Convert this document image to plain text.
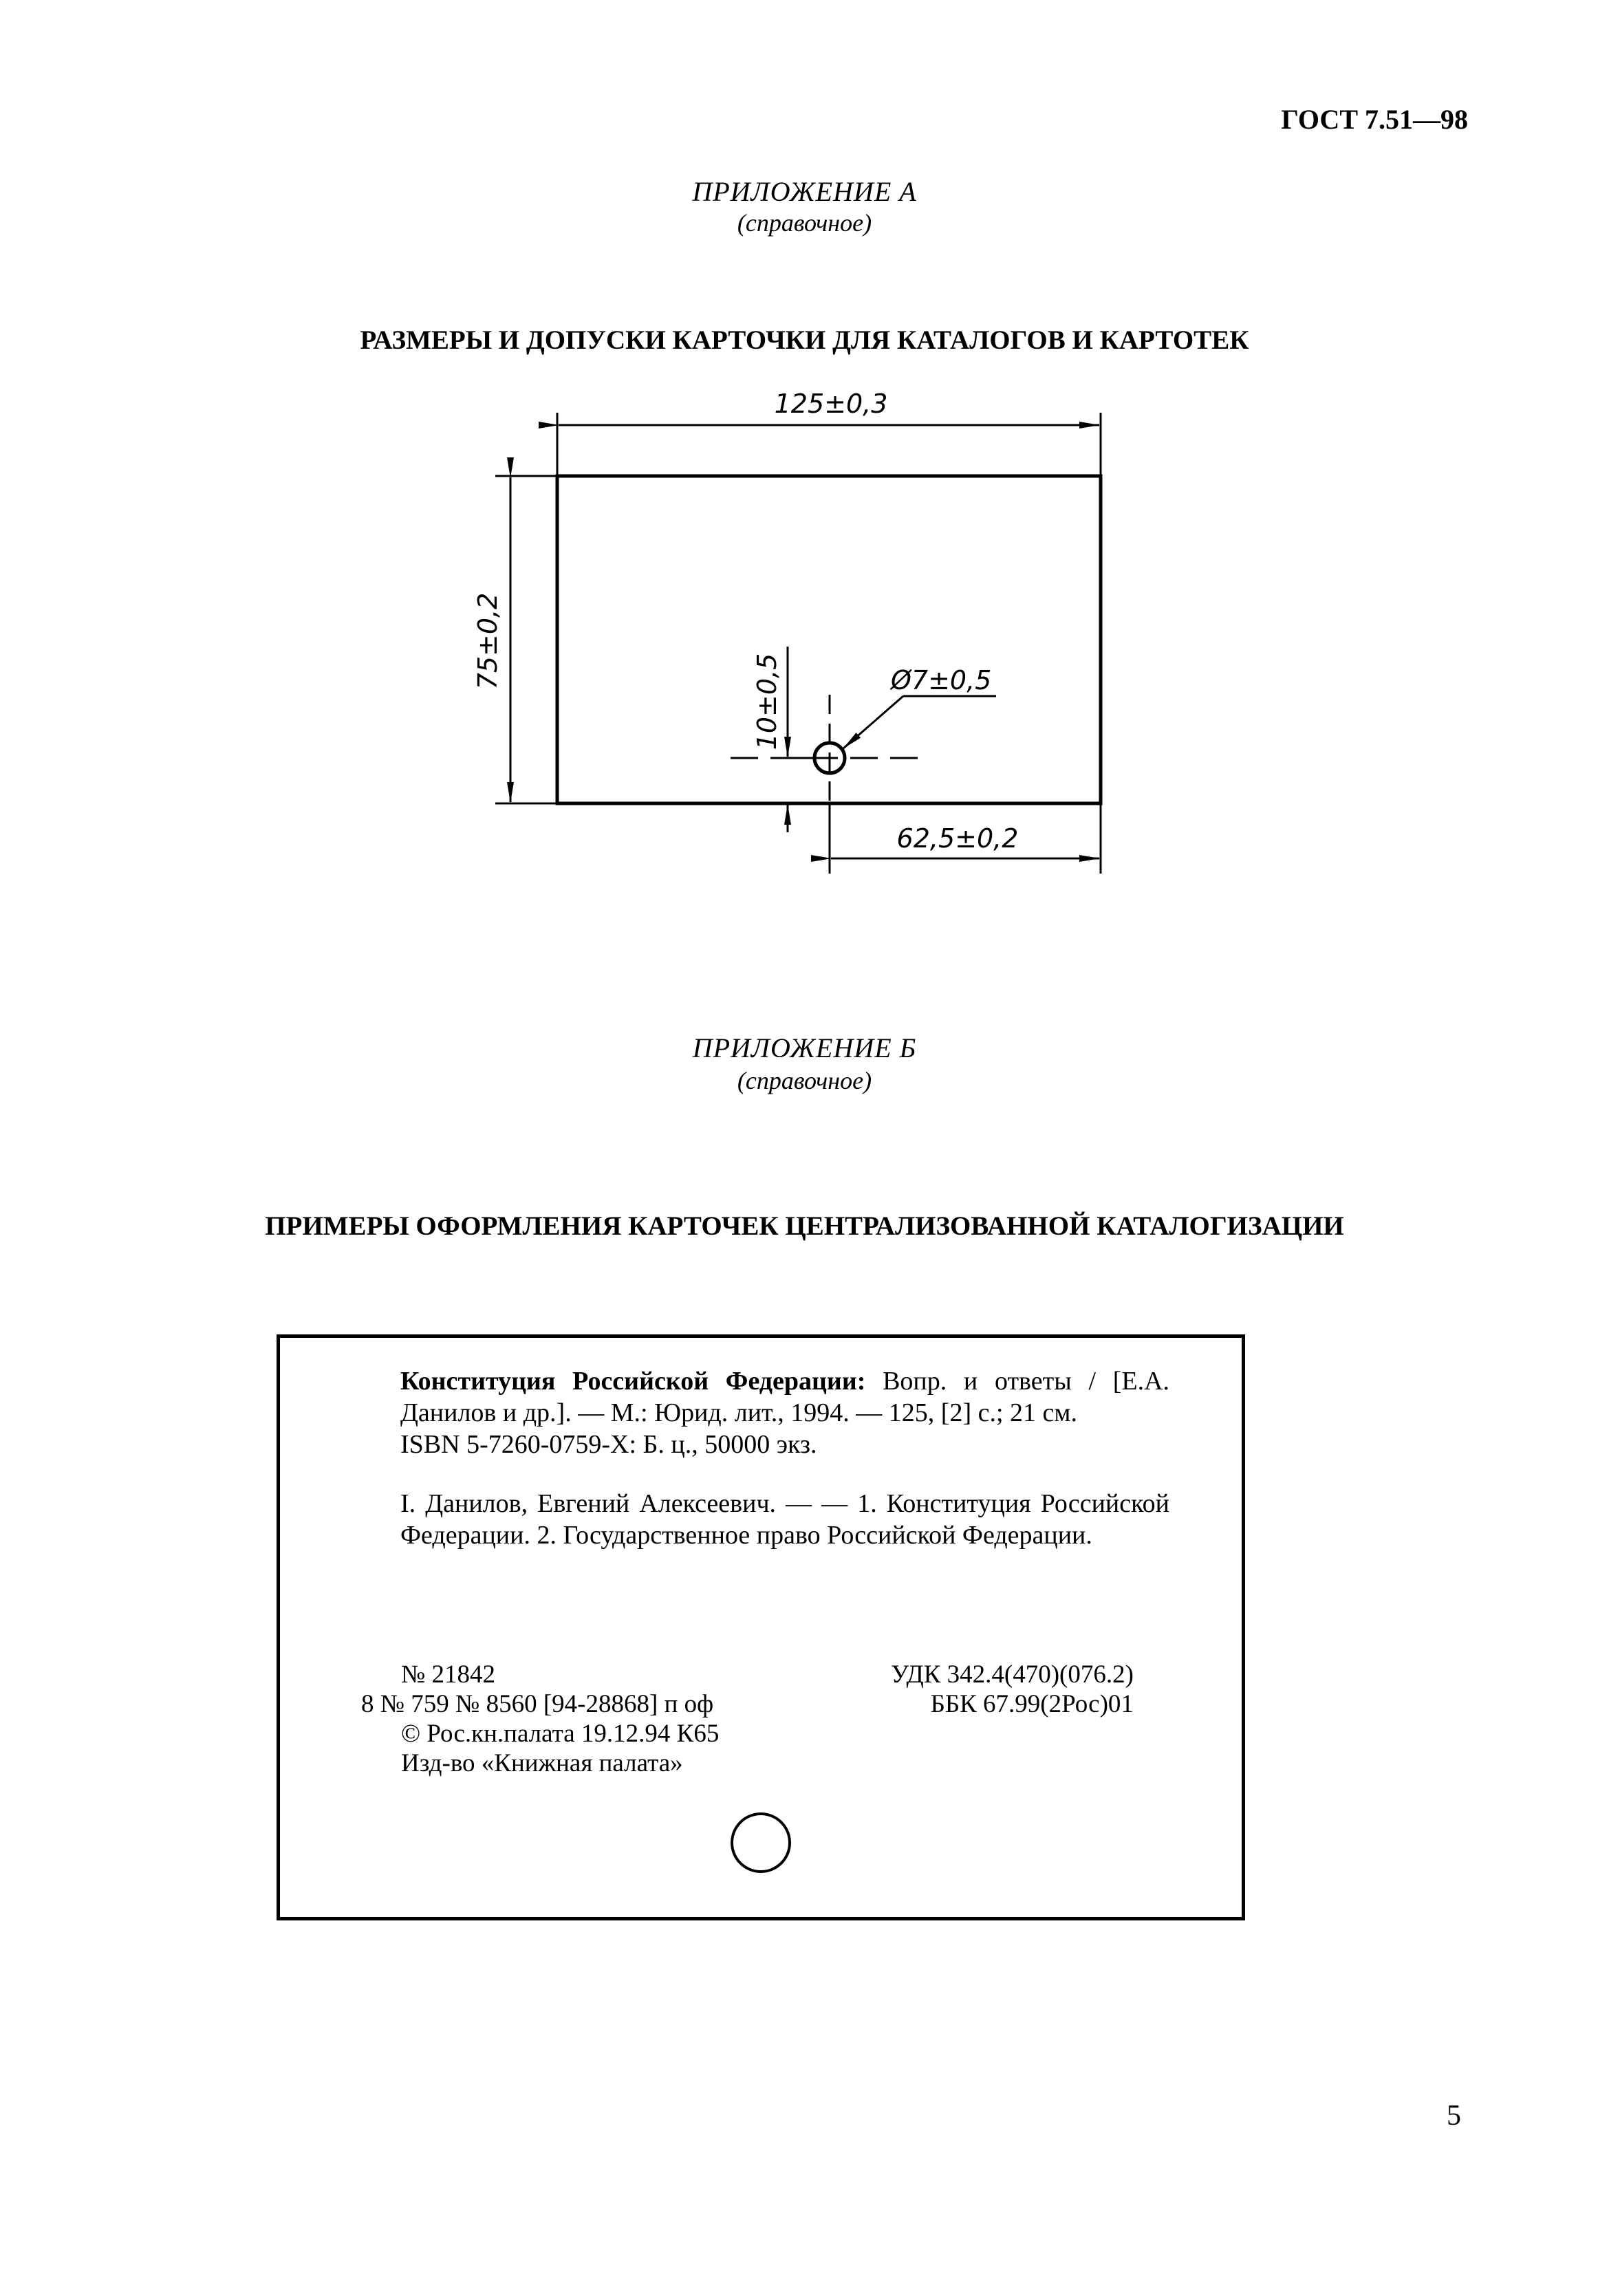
ГОСТ 7.51—98
ПРИЛОЖЕНИЕ А
(справочное)
РАЗМЕРЫ И ДОПУСКИ КАРТОЧКИ ДЛЯ КАТАЛОГОВ И КАРТОТЕК
125±0,3
75±0,2
10±0,5	Ø7±0,5
62,5±0,2
ПРИЛОЖЕНИЕ Б
(справочное)
ПРИМЕРЫ ОФОРМЛЕНИЯ КАРТОЧЕК ЦЕНТРАЛИЗОВАННОЙ КАТАЛОГИЗАЦИИ

Конституция Российской Федерации: Вопр. и ответы / [Е.А. Данилов и др.]. — М.: Юрид. лит., 1994. — 125, [2] с.; 21 см.

ISBN 5-7260-0759-X: Б. ц., 50000 экз.

I. Данилов, Евгений Алексеевич. — — 1. Конституция Российской Федерации. 2. Государственное право Российской Федерации.

№ 21842
8 № 759 № 8560 [94-28868] п оф
© Рос.кн.палата 19.12.94 К65
Изд-во «Книжная палата»
УДК 342.4(470)(076.2)
ББК 67.99(2Рос)01
5
